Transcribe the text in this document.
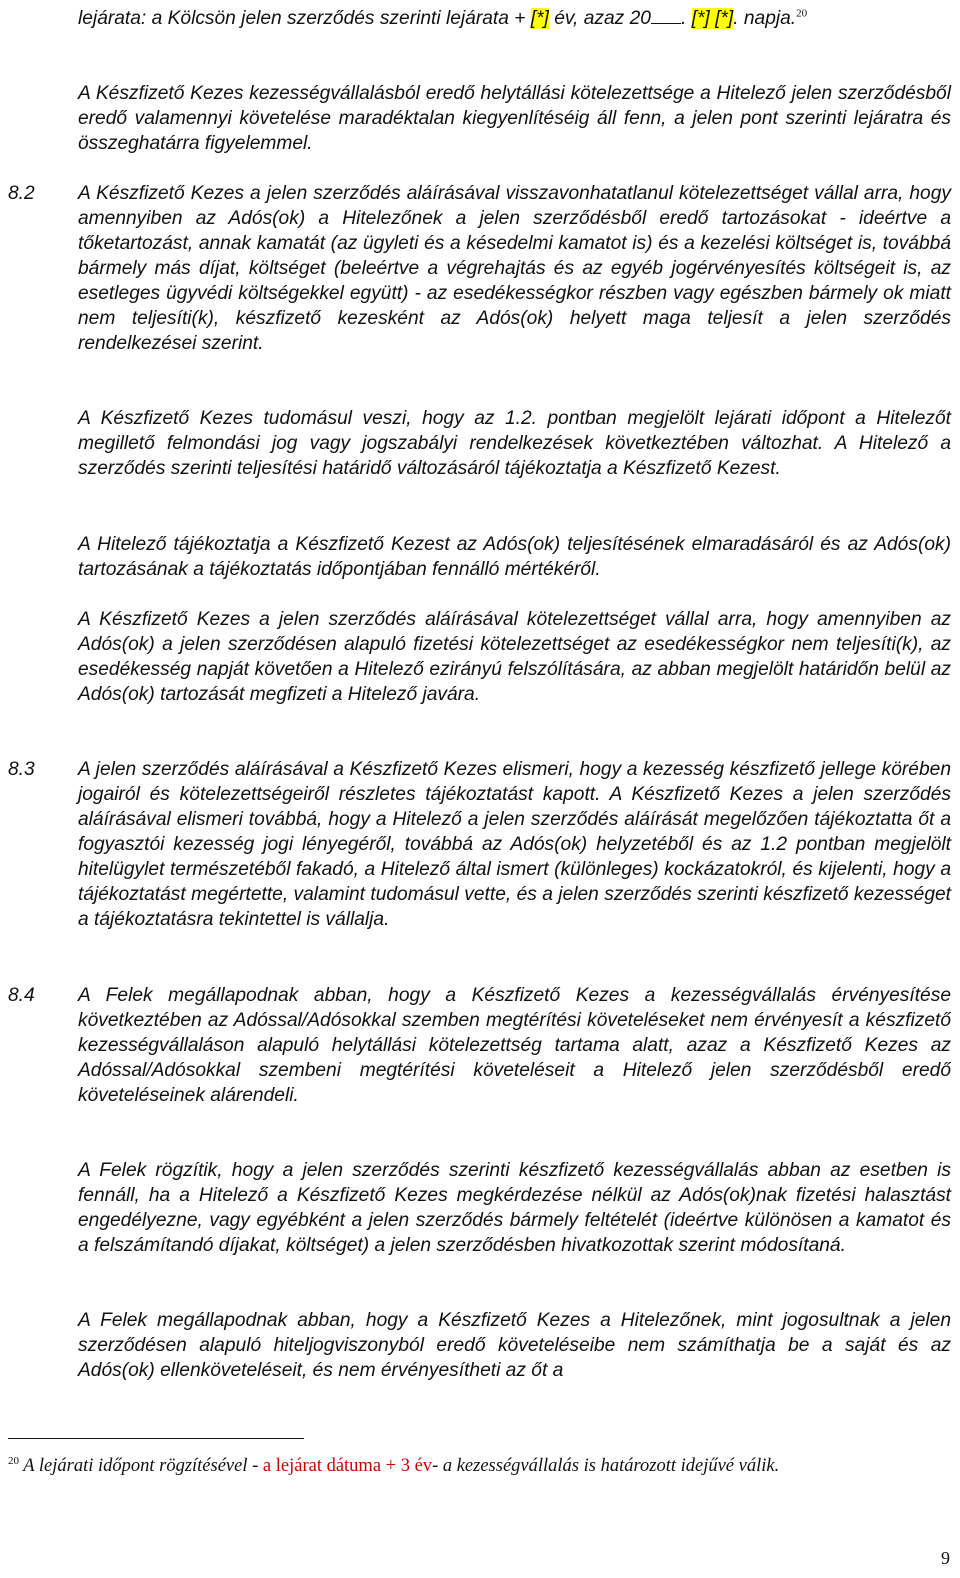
lejárata: a Kölcsön jelen szerződés szerinti lejárata + [*] év, azaz 20 . [*] [*]. napja.$^{20}$

A Készfizető Kezes kezességvállalásból eredő helytállási kötelezettsége a Hitelező jelen szerződésből eredő valamennyi követelése maradéktalan kiegyenlítéséig áll fenn, a jelen pont szerinti lejáratra és összeghatárra figyelemmel.

8.2 A Készfizető Kezes a jelen szerződés aláírásával visszavonhatatlanul kötelezettséget vállal arra, hogy amennyiben az Adós(ok) a Hitelezőnek a jelen szerződésből eredő tartozásokat - ideértve a tőketartozást, annak kamatát (az ügyleti és a késedelmi kamatot is) és a kezelési költséget is, továbbá bármely más díjat, költséget (beleértve a végrehajtás és az egyéb jogérvényesítés költségeit is, az esetleges ügyvédi költségekkel együtt) - az esedékességkor részben vagy egészben bármely ok miatt nem teljesíti(k), készfizető kezesként az Adós(ok) helyett maga teljesít a jelen szerződés rendelkezései szerint.

A Készfizető Kezes tudomásul veszi, hogy az 1.2. pontban megjelölt lejárati időpont a Hitelezőt megillető felmondási jog vagy jogszabályi rendelkezések következtében változhat. A Hitelező a szerződés szerinti teljesítési határidő változásáról tájékoztatja a Készfizető Kezest.

A Hitelező tájékoztatja a Készfizető Kezest az Adós(ok) teljesítésének elmaradásáról és az Adós(ok) tartozásának a tájékoztatás időpontjában fennálló mértékéről.

A Készfizető Kezes a jelen szerződés aláírásával kötelezettséget vállal arra, hogy amennyiben az Adós(ok) a jelen szerződésen alapuló fizetési kötelezettséget az esedékességkor nem teljesíti(k), az esedékesség napját követően a Hitelező ezirányú felszólítására, az abban megjelölt határidőn belül az Adós(ok) tartozását megfizeti a Hitelező javára.

8.3 A jelen szerződés aláírásával a Készfizető Kezes elismeri, hogy a kezesség készfizető jellege körében jogairól és kötelezettségeiről részletes tájékoztatást kapott. A Készfizető Kezes a jelen szerződés aláírásával elismeri továbbá, hogy a Hitelező a jelen szerződés aláírását megelőzően tájékoztatta őt a fogyasztói kezesség jogi lényegéről, továbbá az Adós(ok) helyzetéből és az 1.2 pontban megjelölt hitelügylet természetéből fakadó, a Hitelező által ismert (különleges) kockázatokról, és kijelenti, hogy a tájékoztatást megértette, valamint tudomásul vette, és a jelen szerződés szerinti készfizető kezességet a tájékoztatásra tekintettel is vállalja.

8.4 A Felek megállapodnak abban, hogy a Készfizető Kezes a kezességvállalás érvényesítése következtében az Adóssal/Adósokkal szemben megtérítési követeléseket nem érvényesít a készfizető kezességvállaláson alapuló helytállási kötelezettség tartama alatt, azaz a Készfizető Kezes az Adóssal/Adósokkal szembeni megtérítési követeléseit a Hitelező jelen szerződésből eredő követeléseinek alárendeli.

A Felek rögzítik, hogy a jelen szerződés szerinti készfizető kezességvállalás abban az esetben is fennáll, ha a Hitelező a Készfizető Kezes megkérdezése nélkül az Adós(ok)nak fizetési halasztást engedélyezne, vagy egyébként a jelen szerződés bármely feltételét (ideértve különösen a kamatot és a felszámítandó díjakat, költséget) a jelen szerződésben hivatkozottak szerint módosítaná.

A Felek megállapodnak abban, hogy a Készfizető Kezes a Hitelezőnek, mint jogosultnak a jelen szerződésen alapuló hiteljogviszonyból eredő követeléseibe nem számíthatja be a saját és az Adós(ok) ellenköveteléseit, és nem érvényesítheti az őt a

$^{20}$ A lejárati időpont rögzítésével - a lejárat dátuma + 3 év- a kezességvállalás is határozott idejűvé válik.
9
